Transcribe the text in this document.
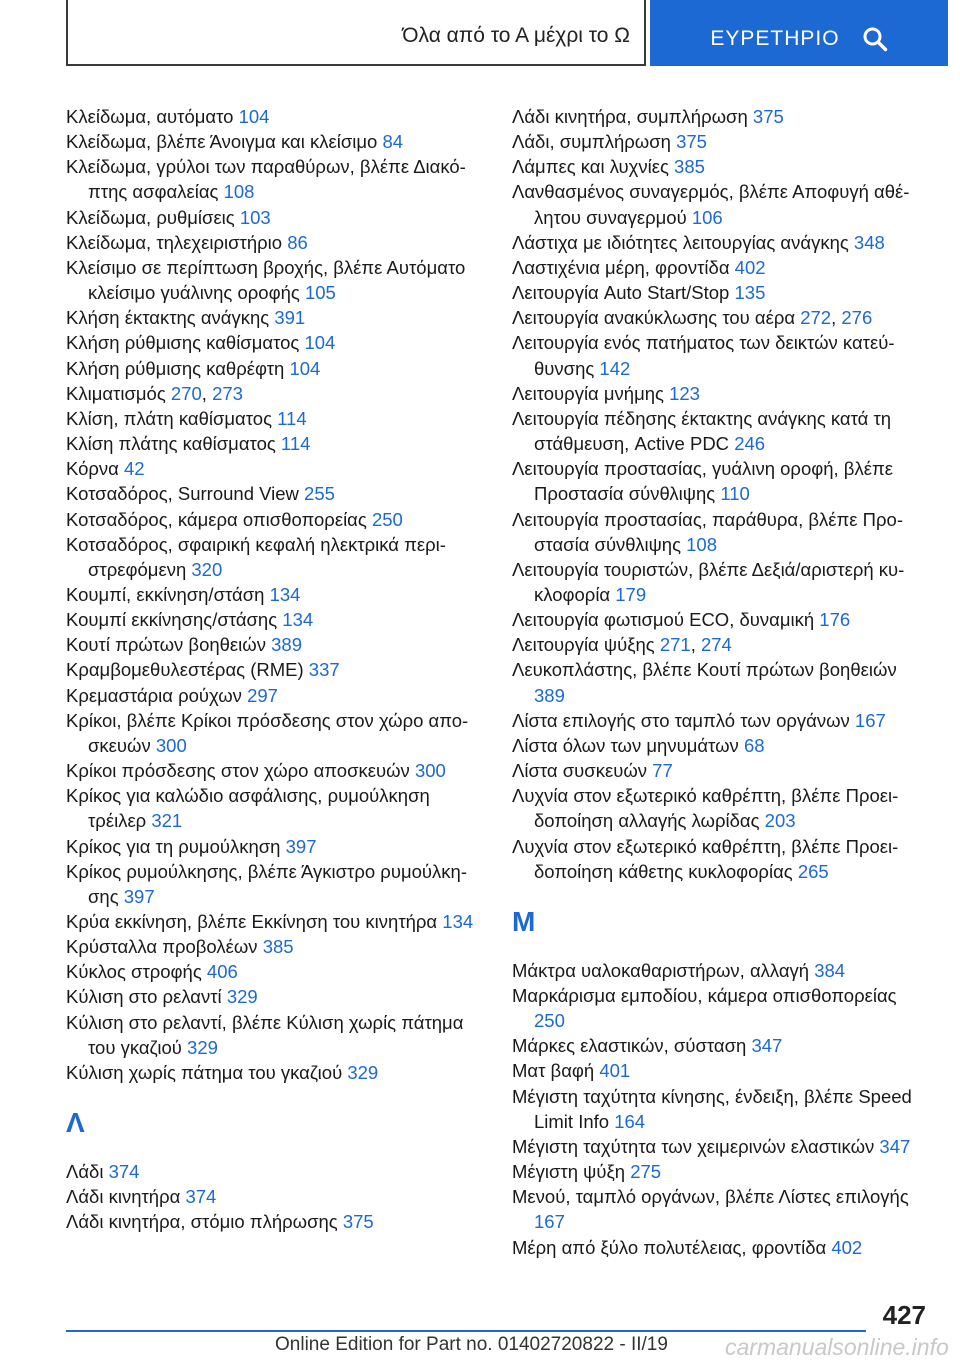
Όλα από το Α μέχρι το Ω	ΕΥΡΕΤΗΡΙΟ
Κλείδωμα, αυτόματο 104
Κλείδωμα, βλέπε Άνοιγμα και κλείσιμο 84
Κλείδωμα, γρύλοι των παραθύρων, βλέπε Διακόπτης ασφαλείας 108
Κλείδωμα, ρυθμίσεις 103
Κλείδωμα, τηλεχειριστήριο 86
Κλείσιμο σε περίπτωση βροχής, βλέπε Αυτόματο κλείσιμο γυάλινης οροφής 105
Κλήση έκτακτης ανάγκης 391
Κλήση ρύθμισης καθίσματος 104
Κλήση ρύθμισης καθρέφτη 104
Κλιματισμός 270, 273
Κλίση, πλάτη καθίσματος 114
Κλίση πλάτης καθίσματος 114
Κόρνα 42
Κοτσαδόρος, Surround View 255
Κοτσαδόρος, κάμερα οπισθοπορείας 250
Κοτσαδόρος, σφαιρική κεφαλή ηλεκτρικά περιστρεφόμενη 320
Κουμπί, εκκίνηση/στάση 134
Κουμπί εκκίνησης/στάσης 134
Κουτί πρώτων βοηθειών 389
Κραμβομεθυλεστέρας (RME) 337
Κρεμαστάρια ρούχων 297
Κρίκοι, βλέπε Κρίκοι πρόσδεσης στον χώρο αποσκευών 300
Κρίκοι πρόσδεσης στον χώρο αποσκευών 300
Κρίκος για καλώδιο ασφάλισης, ρυμούλκηση τρέιλερ 321
Κρίκος για τη ρυμούλκηση 397
Κρίκος ρυμούλκησης, βλέπε Άγκιστρο ρυμούλκησης 397
Κρύα εκκίνηση, βλέπε Εκκίνηση του κινητήρα 134
Κρύσταλλα προβολέων 385
Κύκλος στροφής 406
Κύλιση στο ρελαντί 329
Κύλιση στο ρελαντί, βλέπε Κύλιση χωρίς πάτημα του γκαζιού 329
Κύλιση χωρίς πάτημα του γκαζιού 329
Λ
Λάδι 374
Λάδι κινητήρα 374
Λάδι κινητήρα, στόμιο πλήρωσης 375
Λάδι κινητήρα, συμπλήρωση 375
Λάδι, συμπλήρωση 375
Λάμπες και λυχνίες 385
Λανθασμένος συναγερμός, βλέπε Αποφυγή αθέλητου συναγερμού 106
Λάστιχα με ιδιότητες λειτουργίας ανάγκης 348
Λαστιχένια μέρη, φροντίδα 402
Λειτουργία Auto Start/Stop 135
Λειτουργία ανακύκλωσης του αέρα 272, 276
Λειτουργία ενός πατήματος των δεικτών κατεύθυνσης 142
Λειτουργία μνήμης 123
Λειτουργία πέδησης έκτακτης ανάγκης κατά τη στάθμευση, Active PDC 246
Λειτουργία προστασίας, γυάλινη οροφή, βλέπε Προστασία σύνθλιψης 110
Λειτουργία προστασίας, παράθυρα, βλέπε Προστασία σύνθλιψης 108
Λειτουργία τουριστών, βλέπε Δεξιά/αριστερή κυκλοφορία 179
Λειτουργία φωτισμού ECO, δυναμική 176
Λειτουργία ψύξης 271, 274
Λευκοπλάστης, βλέπε Κουτί πρώτων βοηθειών 389
Λίστα επιλογής στο ταμπλό των οργάνων 167
Λίστα όλων των μηνυμάτων 68
Λίστα συσκευών 77
Λυχνία στον εξωτερικό καθρέπτη, βλέπε Προειδοποίηση αλλαγής λωρίδας 203
Λυχνία στον εξωτερικό καθρέπτη, βλέπε Προειδοποίηση κάθετης κυκλοφορίας 265
Μ
Μάκτρα υαλοκαθαριστήρων, αλλαγή 384
Μαρκάρισμα εμποδίου, κάμερα οπισθοπορείας 250
Μάρκες ελαστικών, σύσταση 347
Ματ βαφή 401
Μέγιστη ταχύτητα κίνησης, ένδειξη, βλέπε Speed Limit Info 164
Μέγιστη ταχύτητα των χειμερινών ελαστικών 347
Μέγιστη ψύξη 275
Μενού, ταμπλό οργάνων, βλέπε Λίστες επιλογής 167
Μέρη από ξύλο πολυτέλειας, φροντίδα 402
427
Online Edition for Part no. 01402720822 - II/19 carmanualsonline.info
